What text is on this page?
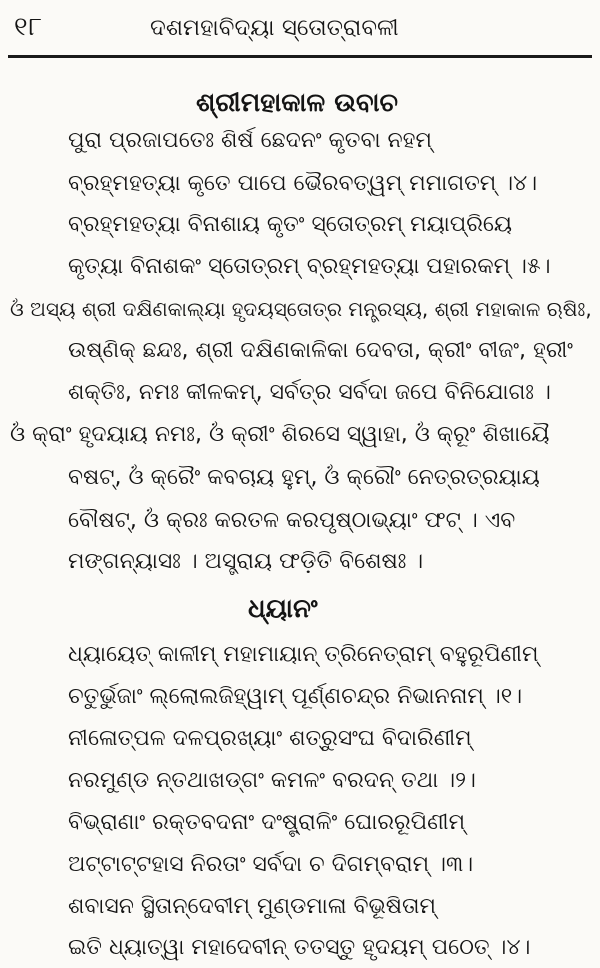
୧୮	ଦଶମହାବିଦ୍ୟା ସ୍ତୋତ୍ରାବଳୀ
ଶ୍ରୀମହାକାଳ ଉବାଚ
ପୁରା ପ୍ରଜାପତେଃ ଶିର୍ଷ ଛେଦନଂ କୃତବା ନହମ୍
ବ୍ରହ୍ମହତ୍ୟା କୃତେ ପାପେ ଭୈରବତ୍ୱମ୍ ମମାଗତମ୍ ।୪।
ବ୍ରହ୍ମହତ୍ୟା ବିନାଶାୟ କୃତଂ ସ୍ତୋତ୍ରମ୍ ମୟାପ୍ରିୟେ
କୃତ୍ୟା ବିନାଶକଂ ସ୍ତୋତ୍ରମ୍ ବ୍ରହ୍ମହତ୍ୟା ପହାରକମ୍ ।୫।
ଓଁ ଅସ୍ୟ ଶ୍ରୀ ଦକ୍ଷିଣକାଲ୍ୟା ହୃଦୟସ୍ତୋତ୍ର ମନ୍ତ୍ରସ୍ୟ, ଶ୍ରୀ ମହାକାଳ ଋଷିଃ,
ଉଷ୍ଣିକ୍ ଛନ୍ଦଃ, ଶ୍ରୀ ଦକ୍ଷିଣକାଳିକା ଦେବତା, କ୍ରୀଂ ବୀଜଂ, ହ୍ରୀଂ
ଶକ୍ତିଃ, ନମଃ କୀଳକମ୍, ସର୍ବତ୍ର ସର୍ବଦା ଜପେ ବିନିଯୋଗଃ ।
ଓଁ କ୍ରାଂ ହୃଦୟାୟ ନମଃ, ଓଁ କ୍ରୀଂ ଶିରସେ ସ୍ୱାହା, ଓଁ କ୍ରୂଂ ଶିଖାୟୈ
ବଷଟ୍, ଓଁ କ୍ରୈଂ କବଚାୟ ହୁମ୍, ଓଁ କ୍ରୌଂ ନେତ୍ରତ୍ରୟାୟ
ବୌଷଟ୍, ଓଁ କ୍ରଃ କରତଳ କରପୃଷ୍ଠାଭ୍ୟାଂ ଫଟ୍ । ଏବ
ମଙ୍ଗନ୍ୟାସଃ । ଅସ୍ତ୍ରାୟ ଫଡ଼ିତି ବିଶେଷଃ ।
ଧ୍ୟାନଂ
ଧ୍ୟାୟେତ୍ କାଳୀମ୍ ମହାମାୟାନ୍ ତ୍ରିନେତ୍ରାମ୍ ବହୁରୂପିଣୀମ୍
ଚତୁର୍ଭୁଜାଂ ଲ୍ଲୋଲଜିହ୍ୱାମ୍ ପୂର୍ଣ୍ଣଚନ୍ଦ୍ର ନିଭାନନାମ୍ ।୧।
ନୀଳୋତ୍ପଳ ଦଳପ୍ରଖ୍ୟାଂ ଶତ୍ରୁସଂଘ ବିଦାରିଣୀମ୍
ନରମୁଣ୍ଡ ନ୍ତଥାଖଡ୍ଗଂ କମଳଂ ବରଦନ୍ ତଥା ।୨।
ବିଭ୍ରାଣାଂ ରକ୍ତବଦନାଂ ଦଂଷ୍ଟ୍ରାଳିଂ ଘୋରରୂପିଣୀମ୍
ଅଟ୍ଟାଟ୍ଟହାସ ନିରତାଂ ସର୍ବଦା ଚ ଦିଗମ୍ବରାମ୍ ।୩।
ଶବାସନ ସ୍ଥିତାନ୍‌ଦେବୀମ୍ ମୁଣ୍ଡମାଳା ବିଭୂଷିତାମ୍
ଇତି ଧ୍ୟାତ୍ୱା ମହାଦେବୀନ୍ ତତସ୍ତୁ ହୃଦୟମ୍ ପଠେତ୍ ।୪।
